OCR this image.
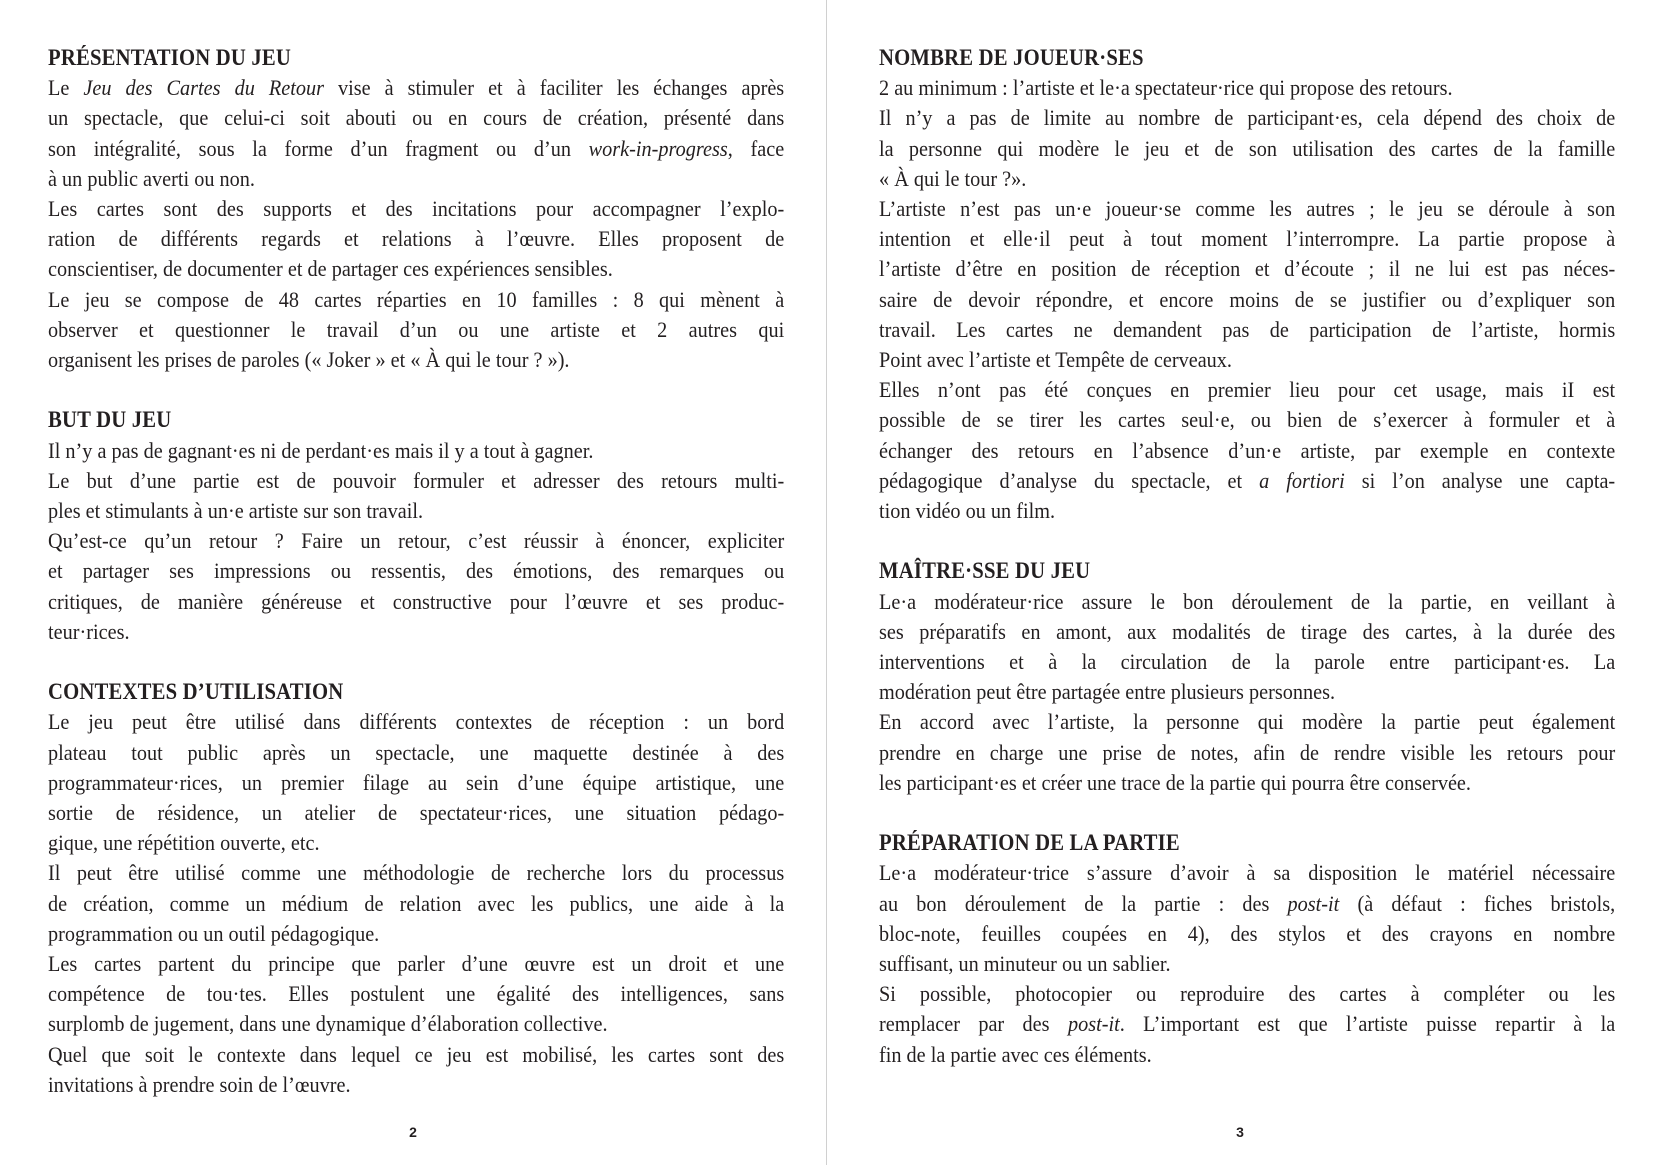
PRÉSENTATION DU JEU
Le Jeu des Cartes du Retour vise à stimuler et à faciliter les échanges après
un spectacle, que celui-ci soit abouti ou en cours de création, présenté dans
son intégralité, sous la forme d’un fragment ou d’un work-in-progress, face
à un public averti ou non.
Les cartes sont des supports et des incitations pour accompagner l’explo-
ration de différents regards et relations à l’œuvre. Elles proposent de
conscientiser, de documenter et de partager ces expériences sensibles.
Le jeu se compose de 48 cartes réparties en 10 familles : 8 qui mènent à
observer et questionner le travail d’un ou une artiste et 2 autres qui
organisent les prises de paroles (« Joker » et « À qui le tour ? »).
BUT DU JEU
Il n’y a pas de gagnant·es ni de perdant·es mais il y a tout à gagner.
Le but d’une partie est de pouvoir formuler et adresser des retours multi-
ples et stimulants à un·e artiste sur son travail.
Qu’est-ce qu’un retour ? Faire un retour, c’est réussir à énoncer, expliciter
et partager ses impressions ou ressentis, des émotions, des remarques ou
critiques, de manière généreuse et constructive pour l’œuvre et ses produc-
teur·rices.
CONTEXTES D’UTILISATION
Le jeu peut être utilisé dans différents contextes de réception : un bord
plateau tout public après un spectacle, une maquette destinée à des
programmateur·rices, un premier filage au sein d’une équipe artistique, une
sortie de résidence, un atelier de spectateur·rices, une situation pédago-
gique, une répétition ouverte, etc.
Il peut être utilisé comme une méthodologie de recherche lors du processus
de création, comme un médium de relation avec les publics, une aide à la
programmation ou un outil pédagogique.
Les cartes partent du principe que parler d’une œuvre est un droit et une
compétence de tou·tes. Elles postulent une égalité des intelligences, sans
surplomb de jugement, dans une dynamique d’élaboration collective.
Quel que soit le contexte dans lequel ce jeu est mobilisé, les cartes sont des
invitations à prendre soin de l’œuvre.
2
NOMBRE DE JOUEUR·SES
2 au minimum : l’artiste et le·a spectateur·rice qui propose des retours.
Il n’y a pas de limite au nombre de participant·es, cela dépend des choix de
la personne qui modère le jeu et de son utilisation des cartes de la famille
« À qui le tour ?».
L’artiste n’est pas un·e joueur·se comme les autres ; le jeu se déroule à son
intention et elle·il peut à tout moment l’interrompre. La partie propose à
l’artiste d’être en position de réception et d’écoute ; il ne lui est pas néces-
saire de devoir répondre, et encore moins de se justifier ou d’expliquer son
travail. Les cartes ne demandent pas de participation de l’artiste, hormis
Point avec l’artiste et Tempête de cerveaux.
Elles n’ont pas été conçues en premier lieu pour cet usage, mais iI est
possible de se tirer les cartes seul·e, ou bien de s’exercer à formuler et à
échanger des retours en l’absence d’un·e artiste, par exemple en contexte
pédagogique d’analyse du spectacle, et a fortiori si l’on analyse une capta-
tion vidéo ou un film.
MAÎTRE·SSE DU JEU
Le·a modérateur·rice assure le bon déroulement de la partie, en veillant à
ses préparatifs en amont, aux modalités de tirage des cartes, à la durée des
interventions et à la circulation de la parole entre participant·es. La
modération peut être partagée entre plusieurs personnes.
En accord avec l’artiste, la personne qui modère la partie peut également
prendre en charge une prise de notes, afin de rendre visible les retours pour
les participant·es et créer une trace de la partie qui pourra être conservée.
PRÉPARATION DE LA PARTIE
Le·a modérateur·trice s’assure d’avoir à sa disposition le matériel nécessaire
au bon déroulement de la partie : des post-it (à défaut : fiches bristols,
bloc-note, feuilles coupées en 4), des stylos et des crayons en nombre
suffisant, un minuteur ou un sablier.
Si possible, photocopier ou reproduire des cartes à compléter ou les
remplacer par des post-it. L’important est que l’artiste puisse repartir à la
fin de la partie avec ces éléments.
3
